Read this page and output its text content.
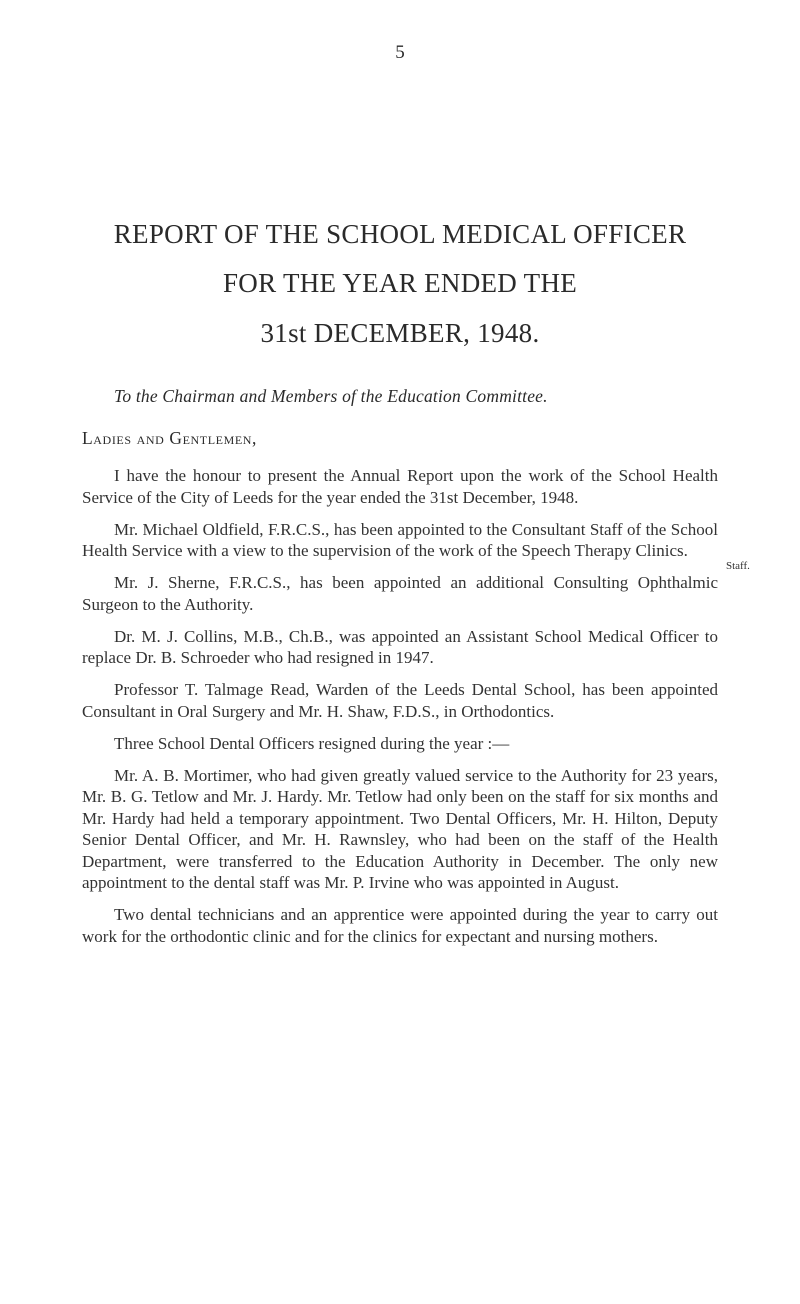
5
REPORT OF THE SCHOOL MEDICAL OFFICER
FOR THE YEAR ENDED THE
31st DECEMBER, 1948.
To the Chairman and Members of the Education Committee.
Ladies and Gentlemen,
Staff.

I have the honour to present the Annual Report upon the work of the School Health Service of the City of Leeds for the year ended the 31st December, 1948.

Mr. Michael Oldfield, F.R.C.S., has been appointed to the Consultant Staff of the School Health Service with a view to the supervision of the work of the Speech Therapy Clinics.

Mr. J. Sherne, F.R.C.S., has been appointed an additional Consulting Ophthalmic Surgeon to the Authority.

Dr. M. J. Collins, M.B., Ch.B., was appointed an Assistant School Medical Officer to replace Dr. B. Schroeder who had resigned in 1947.

Professor T. Talmage Read, Warden of the Leeds Dental School, has been appointed Consultant in Oral Surgery and Mr. H. Shaw, F.D.S., in Orthodontics.

Three School Dental Officers resigned during the year :—

Mr. A. B. Mortimer, who had given greatly valued service to the Authority for 23 years, Mr. B. G. Tetlow and Mr. J. Hardy. Mr. Tetlow had only been on the staff for six months and Mr. Hardy had held a temporary appointment. Two Dental Officers, Mr. H. Hilton, Deputy Senior Dental Officer, and Mr. H. Rawnsley, who had been on the staff of the Health Department, were transferred to the Education Authority in December. The only new appointment to the dental staff was Mr. P. Irvine who was appointed in August.

Two dental technicians and an apprentice were appointed during the year to carry out work for the orthodontic clinic and for the clinics for expectant and nursing mothers.
